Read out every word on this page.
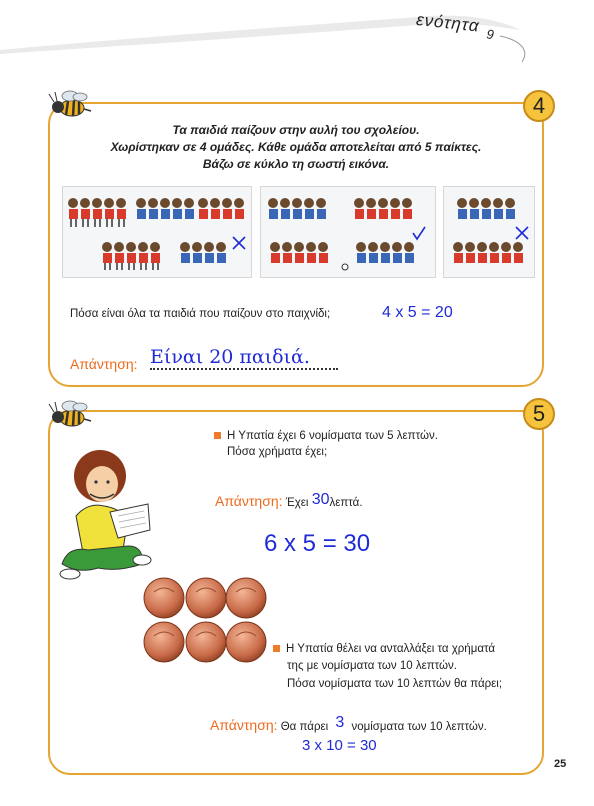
ενότητα $_9$
4
Τα παιδιά παίζουν στην αυλή του σχολείου.
Χωρίστηκαν σε 4 ομάδες. Κάθε ομάδα αποτελείται από 5 παίκτες.
Βάζω σε κύκλο τη σωστή εικόνα.
Πόσα είναι όλα τα παιδιά που παίζουν στο παιχνίδι;	4 x 5 = 20
Απάντηση: Είναι 20 παιδιά.
5
Η Υπατία έχει 6 νομίσματα των 5 λεπτών.
Πόσα χρήματα έχει;
Απάντηση: Έχει 30λεπτά.
6 x 5 = 30
Η Υπατία θέλει να ανταλλάξει τα χρήματά
της με νομίσματα των 10 λεπτών.
Πόσα νομίσματα των 10 λεπτών θα πάρει;
Απάντηση: Θα πάρει 3 νομίσματα των 10 λεπτών.
3 x 10 = 30
25
